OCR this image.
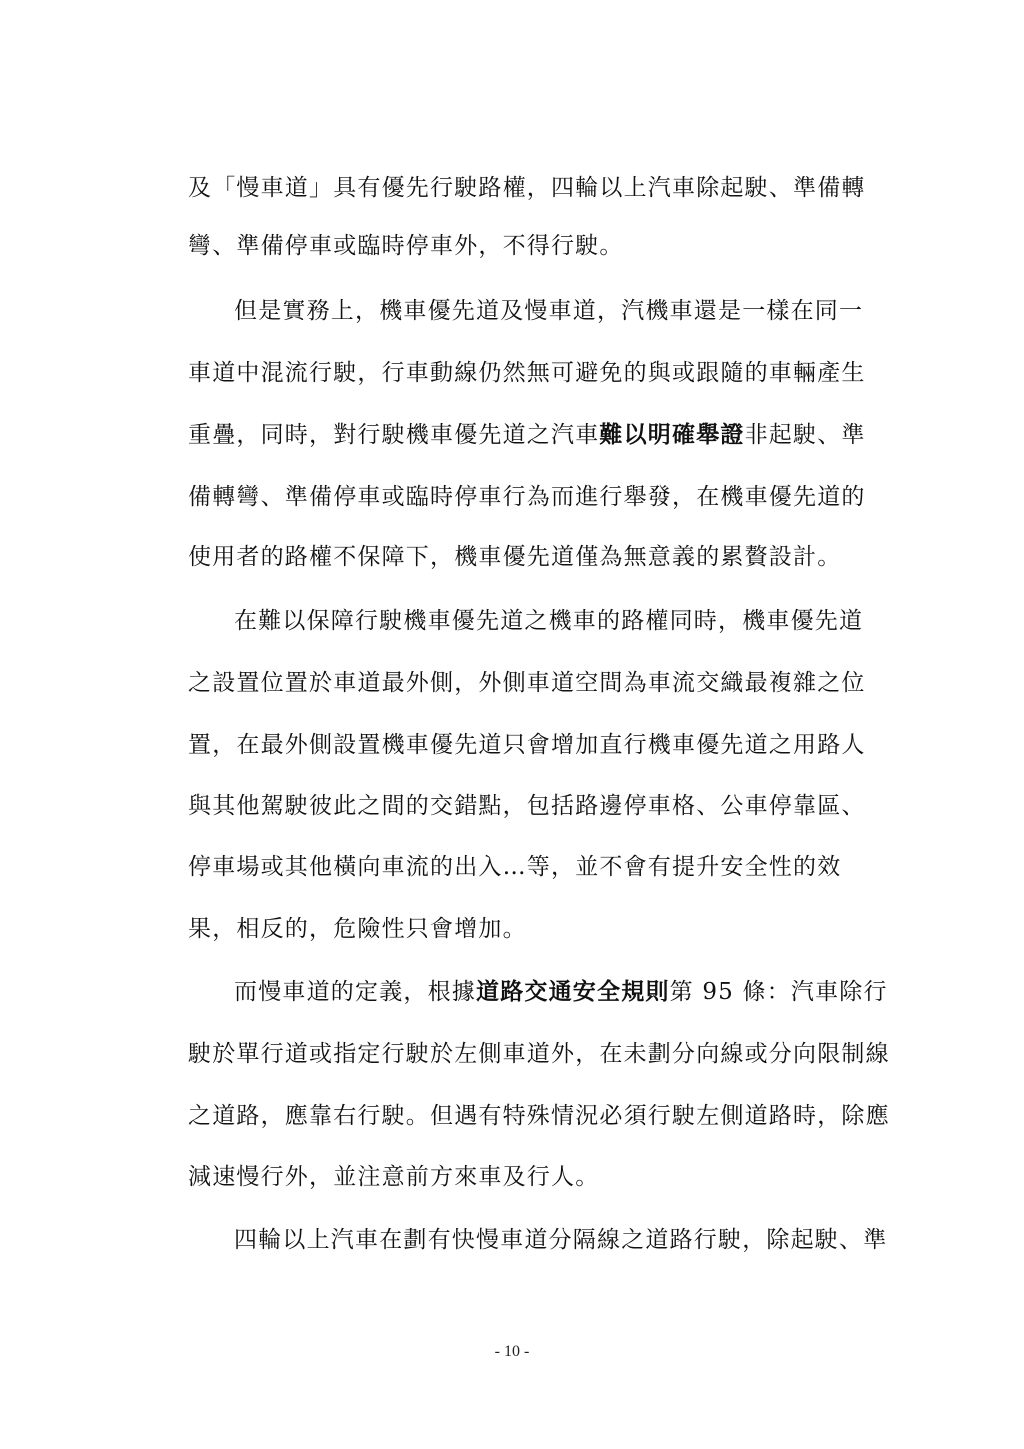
及「慢車道」具有優先行駛路權，四輪以上汽車除起駛、準備轉
彎、準備停車或臨時停車外，不得行駛。
但是實務上，機車優先道及慢車道，汽機車還是一樣在同一
車道中混流行駛，行車動線仍然無可避免的與或跟隨的車輛產生
重疊，同時，對行駛機車優先道之汽車難以明確舉證非起駛、準
備轉彎、準備停車或臨時停車行為而進行舉發，在機車優先道的
使用者的路權不保障下，機車優先道僅為無意義的累贅設計。
在難以保障行駛機車優先道之機車的路權同時，機車優先道
之設置位置於車道最外側，外側車道空間為車流交織最複雜之位
置，在最外側設置機車優先道只會增加直行機車優先道之用路人
與其他駕駛彼此之間的交錯點，包括路邊停車格、公車停靠區、
停車場或其他橫向車流的出入…等，並不會有提升安全性的效
果，相反的，危險性只會增加。
而慢車道的定義，根據道路交通安全規則第 95 條：汽車除行
駛於單行道或指定行駛於左側車道外，在未劃分向線或分向限制線
之道路，應靠右行駛。但遇有特殊情況必須行駛左側道路時，除應
減速慢行外，並注意前方來車及行人。
四輪以上汽車在劃有快慢車道分隔線之道路行駛，除起駛、準
- 10 -
